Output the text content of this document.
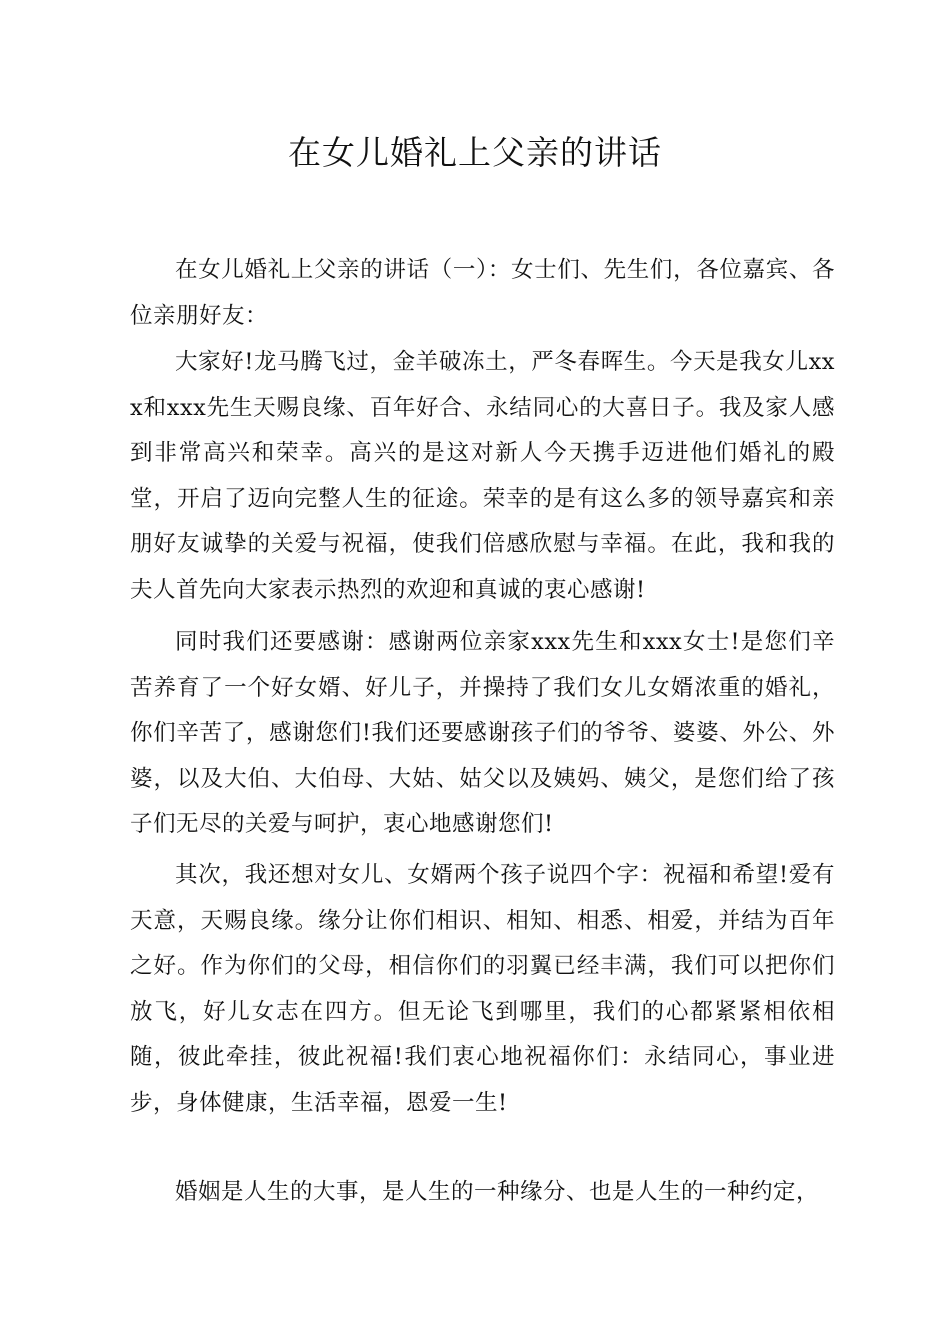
在女儿婚礼上父亲的讲话

在女儿婚礼上父亲的讲话（一）：女士们、先生们，各位嘉宾、各位亲朋好友：

大家好!龙马腾飞过，金羊破冻土，严冬春晖生。今天是我女儿xxx和xxx先生天赐良缘、百年好合、永结同心的大喜日子。我及家人感到非常高兴和荣幸。高兴的是这对新人今天携手迈进他们婚礼的殿堂，开启了迈向完整人生的征途。荣幸的是有这么多的领导嘉宾和亲朋好友诚挚的关爱与祝福，使我们倍感欣慰与幸福。在此，我和我的夫人首先向大家表示热烈的欢迎和真诚的衷心感谢!

同时我们还要感谢：感谢两位亲家xxx先生和xxx女士!是您们辛苦养育了一个好女婿、好儿子，并操持了我们女儿女婿浓重的婚礼，你们辛苦了，感谢您们!我们还要感谢孩子们的爷爷、婆婆、外公、外婆，以及大伯、大伯母、大姑、姑父以及姨妈、姨父，是您们给了孩子们无尽的关爱与呵护，衷心地感谢您们!

其次，我还想对女儿、女婿两个孩子说四个字：祝福和希望!爱有天意，天赐良缘。缘分让你们相识、相知、相悉、相爱，并结为百年之好。作为你们的父母，相信你们的羽翼已经丰满，我们可以把你们放飞，好儿女志在四方。但无论飞到哪里，我们的心都紧紧相依相随，彼此牵挂，彼此祝福!我们衷心地祝福你们：永结同心，事业进步，身体健康，生活幸福，恩爱一生!

婚姻是人生的大事，是人生的一种缘分、也是人生的一种约定，
